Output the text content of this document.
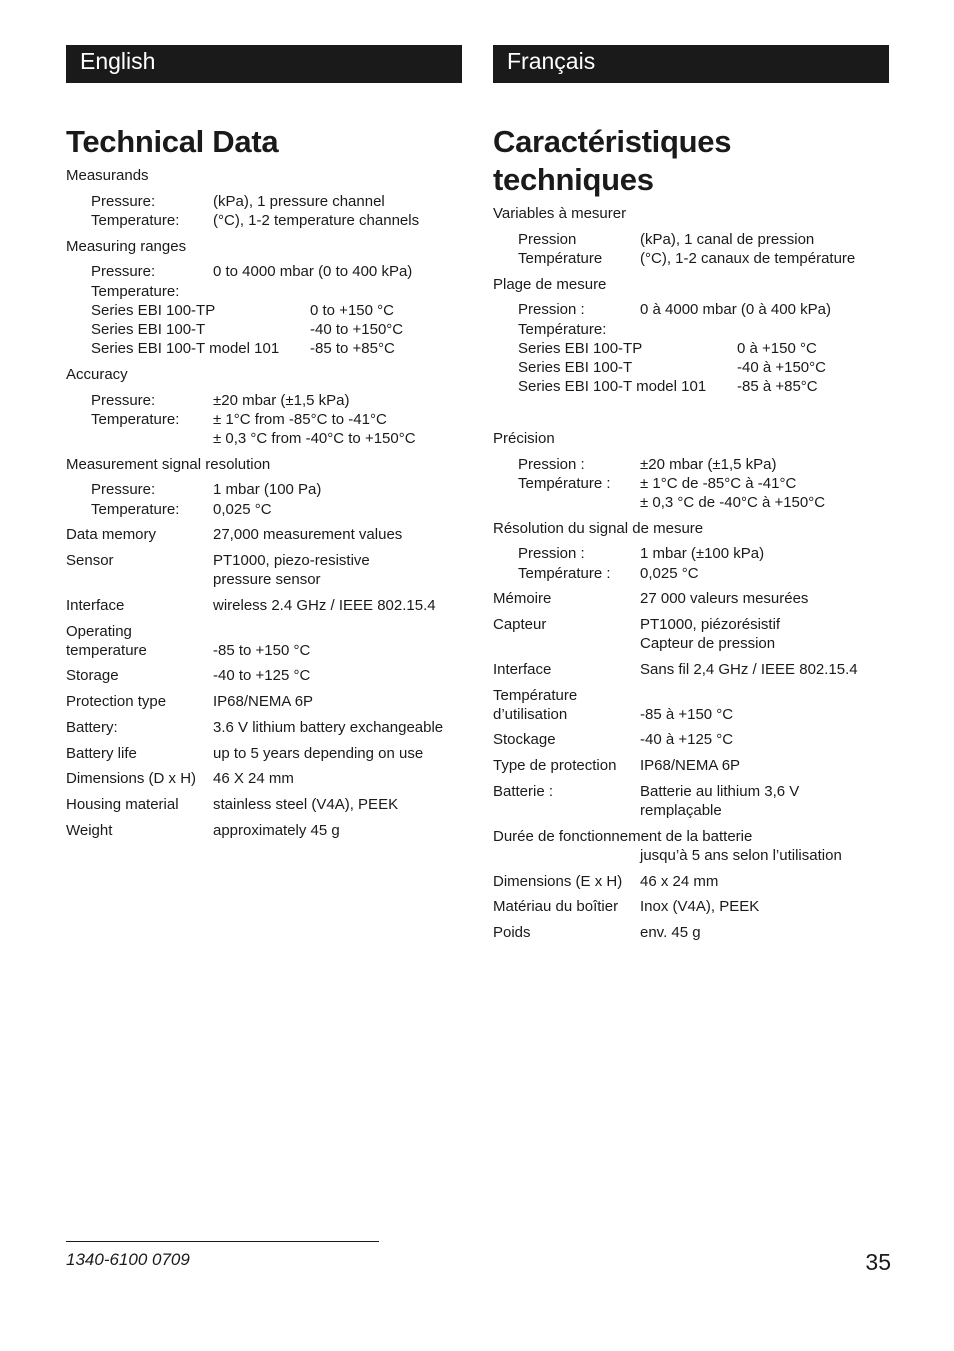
English
Technical Data
Measurands
Pressure:	(kPa), 1 pressure channel
Temperature:	(°C), 1-2 temperature channels
Measuring ranges
Pressure:	0 to 4000 mbar (0 to 400 kPa)
Temperature:
Series EBI 100-TP	0 to +150 °C
Series EBI 100-T	-40 to +150°C
Series EBI 100-T model 101	-85 to +85°C
Accuracy
Pressure:	±20 mbar (±1,5 kPa)
Temperature:	± 1°C from -85°C to -41°C
± 0,3 °C from -40°C to +150°C
Measurement signal resolution
Pressure:	1 mbar (100 Pa)
Temperature:	0,025 °C
Data memory	27,000 measurement values
Sensor	PT1000, piezo-resistive
pressure sensor
Interface	wireless 2.4 GHz / IEEE 802.15.4
Operating
temperature	-85 to +150 °C
Storage	-40 to +125 °C
Protection type	IP68/NEMA 6P
Battery:	3.6 V lithium battery exchangeable
Battery life	up to 5 years depending on use
Dimensions (D x H)	46 X 24 mm
Housing material	stainless steel (V4A), PEEK
Weight	approximately 45 g
Français
Caractéristiques
techniques
Variables à mesurer
Pression	(kPa), 1 canal de pression
Température	(°C), 1-2 canaux de température
Plage de mesure
Pression :	0 à 4000 mbar (0 à 400 kPa)
Température:
Series EBI 100-TP	0 à +150 °C
Series EBI 100-T	-40 à +150°C
Series EBI 100-T model 101	-85 à +85°C
Précision
Pression :	±20 mbar (±1,5 kPa)
Température :	± 1°C de -85°C à -41°C
± 0,3 °C de -40°C à +150°C
Résolution du signal de mesure
Pression :	1 mbar (±100 kPa)
Température :	0,025 °C
Mémoire	27 000 valeurs mesurées
Capteur	PT1000, piézorésistif
Capteur de pression
Interface	Sans fil 2,4 GHz / IEEE 802.15.4
Température
d’utilisation	-85 à +150 °C
Stockage	-40 à +125 °C
Type de protection	IP68/NEMA 6P
Batterie :	Batterie au lithium 3,6 V
remplaçable
Durée de fonctionnement de la batterie
jusqu’à 5 ans selon l’utilisation
Dimensions (E x H)	46 x 24 mm
Matériau du boîtier	Inox (V4A), PEEK
Poids	env. 45 g
1340-6100 0709	35
